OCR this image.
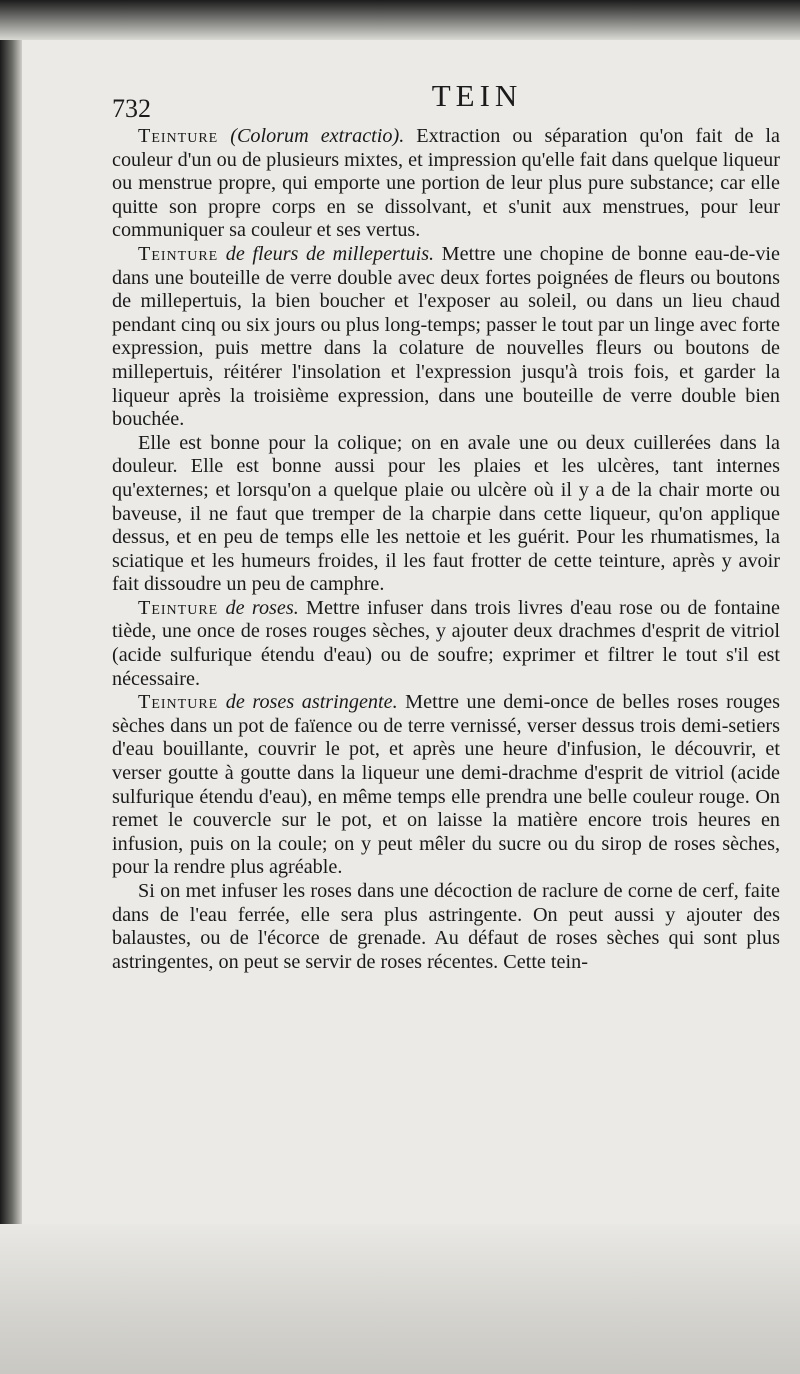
732	TEIN

Teinture (Colorum extractio). Extraction ou séparation qu'on fait de la couleur d'un ou de plusieurs mixtes, et impression qu'elle fait dans quelque liqueur ou menstrue propre, qui emporte une portion de leur plus pure substance; car elle quitte son propre corps en se dissolvant, et s'unit aux menstrues, pour leur communiquer sa couleur et ses vertus.

Teinture de fleurs de millepertuis. Mettre une chopine de bonne eau-de-vie dans une bouteille de verre double avec deux fortes poignées de fleurs ou boutons de millepertuis, la bien boucher et l'exposer au soleil, ou dans un lieu chaud pendant cinq ou six jours ou plus long-temps; passer le tout par un linge avec forte expression, puis mettre dans la colature de nouvelles fleurs ou boutons de millepertuis, réitérer l'insolation et l'expression jusqu'à trois fois, et garder la liqueur après la troisième expression, dans une bouteille de verre double bien bouchée.

Elle est bonne pour la colique; on en avale une ou deux cuillerées dans la douleur. Elle est bonne aussi pour les plaies et les ulcères, tant internes qu'externes; et lorsqu'on a quelque plaie ou ulcère où il y a de la chair morte ou baveuse, il ne faut que tremper de la charpie dans cette liqueur, qu'on applique dessus, et en peu de temps elle les nettoie et les guérit. Pour les rhumatismes, la sciatique et les humeurs froides, il les faut frotter de cette teinture, après y avoir fait dissoudre un peu de camphre.

Teinture de roses. Mettre infuser dans trois livres d'eau rose ou de fontaine tiède, une once de roses rouges sèches, y ajouter deux drachmes d'esprit de vitriol (acide sulfurique étendu d'eau) ou de soufre; exprimer et filtrer le tout s'il est nécessaire.

Teinture de roses astringente. Mettre une demi-once de belles roses rouges sèches dans un pot de faïence ou de terre vernissé, verser dessus trois demi-setiers d'eau bouillante, couvrir le pot, et après une heure d'infusion, le découvrir, et verser goutte à goutte dans la liqueur une demi-drachme d'esprit de vitriol (acide sulfurique étendu d'eau), en même temps elle prendra une belle couleur rouge. On remet le couvercle sur le pot, et on laisse la matière encore trois heures en infusion, puis on la coule; on y peut mêler du sucre ou du sirop de roses sèches, pour la rendre plus agréable.

Si on met infuser les roses dans une décoction de raclure de corne de cerf, faite dans de l'eau ferrée, elle sera plus astringente. On peut aussi y ajouter des balaustes, ou de l'écorce de grenade. Au défaut de roses sèches qui sont plus astringentes, on peut se servir de roses récentes. Cette tein-
